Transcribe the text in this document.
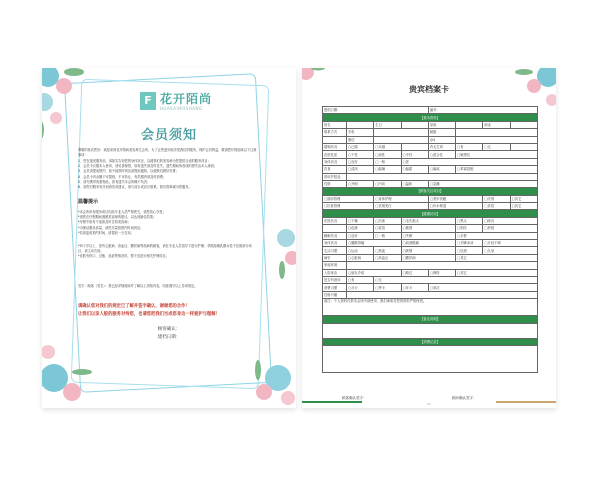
F 花开陌尚
HUAKAIMOSHANG
会员须知
尊敬的贵宾您好：欢迎来到花开陌尚美容养生会所，为了让您更好地享受我们的服务，保护会员利益，敬请您仔细阅读以下注意事项：
1．您在接受服务前，请如实告知您的身体状况，以便我们的美容师为您提供合适的服务项目；
2．会员卡仅限本人使用，请妥善保管，如有遗失请及时挂失，遗失期间所造成的损失由本人承担；
3．会员须提前预约，如不能准时到达请提前通知，以便我们做好安排；
4．会员卡内余额不可提现，不可转让，有效期内请及时消费；
5．请勿携带贵重物品，如有遗失本会所概不负责；
6．如您对服务有任何意见或建议，请与前台或店长联系，我们将竭诚为您服务。
温馨提示
*本会所所有服务项目均经专业人员严格把关，请您放心享受；
*请您在疗程期间遵照美容师的建议，以达到最佳效果；
*疗程中如有不适请及时告知美容师；
*为保证服务质量，请您尽量按预约时间到店；
*若须更改预约时间，请提前一天告知。
*四十岁以上、患有心脏病、高血压、糖尿病等疾病的顾客，请在专业人员指导下进行护理；孕期及哺乳期女性不宜做部分项目，请主动告知。
*皮肤有伤口、过敏、炎症等情况时，暂不宜进行相关护理项目。
签字：顾客（签名）：我已经详细阅读并了解以上须知内容，同意遵守以上各项规定。
请确认您对我们的规定已了解并签字确认，谢谢您的合作！
让我们以亲人般的服务对待您，也请您把我们当成您身边一样爱护与理解！
顾客确认：
建档日期：
贵宾档案卡
建档日期：				编号：			
【基本资料】							
姓名		生日		星座		职业	
联系方式	手机			邮箱			
	微信			QQ			
婚姻状况	□已婚	□未婚		有无生育	□有	□无	
皮肤性质	□干性	□油性	□中性	□混合性	□敏感性		
身体状况	□良好	□一般	□差				
饮食	□清淡	□偏辣	□偏甜	□偏咸	□荤素搭配		
常用护肤品							
性格	□开朗	□内向	□温和	□急躁			
【顾客关注项目】							
□面部管理		□身体护理		□美甲美睫		□纹绣	□其它
□抗衰管理		□祛斑美白		□补水保湿		□祛痘	□其它
【健康状况】							
皮肤状况	□干燥	□出油	□毛孔粗大		□黑头	□暗沉	
	□色斑	□痘痘	□敏感		□细纹	□松弛	
睡眠状况	□良好	□一般	□失眠		□多梦		
身体状况	□腰酸背痛		□肩颈酸痛		□手脚冰凉	□月经不调	
生活习惯	□运动	□熬夜	□吸烟		□饮酒	□久坐	
病史	□心脏病	□高血压	□糖尿病		□其它		
家庭环境							
入院来由	□朋友介绍		□路过	□网络	□其它		
是否有意向	□有	□无					
消费习惯	□月卡	□季卡	□年卡	□单次			
性格兴趣							
备注：个人资料仅供本会所内部使用，我们承诺对您的资料严格保密。							
【备注说明】							

【消费记录】							

顾客确认签字：	顾问确认签字：
01
